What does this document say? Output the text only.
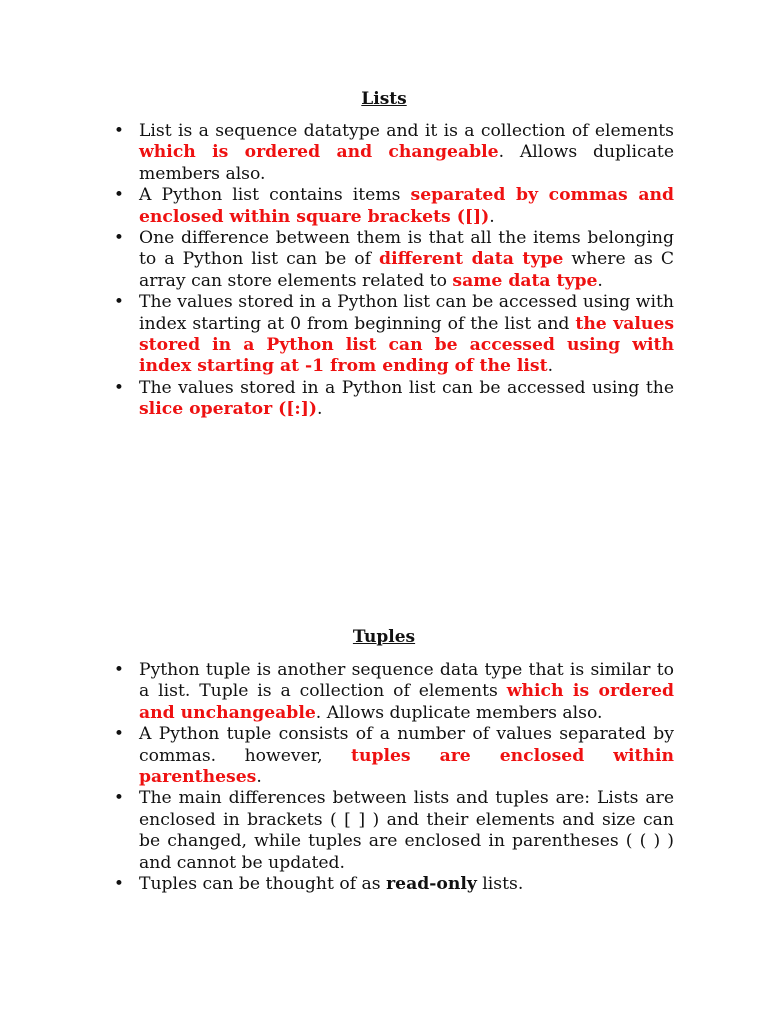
Lists
• List is a sequence datatype and it is a collection of elements which is ordered and changeable. Allows duplicate members also.
• A Python list contains items separated by commas and enclosed within square brackets ([]).
• One difference between them is that all the items belonging to a Python list can be of different data type where as C array can store elements related to same data type.
• The values stored in a Python list can be accessed using with index starting at 0 from beginning of the list and the values stored in a Python list can be accessed using with index starting at -1 from ending of the list.
• The values stored in a Python list can be accessed using the slice operator ([:]).
Tuples
• Python tuple is another sequence data type that is similar to a list. Tuple is a collection of elements which is ordered and unchangeable. Allows duplicate members also.
• A Python tuple consists of a number of values separated by commas. however, tuples are enclosed within parentheses.
• The main differences between lists and tuples are: Lists are enclosed in brackets ( [ ] ) and their elements and size can be changed, while tuples are enclosed in parentheses ( ( ) ) and cannot be updated.
• Tuples can be thought of as read-only lists.
